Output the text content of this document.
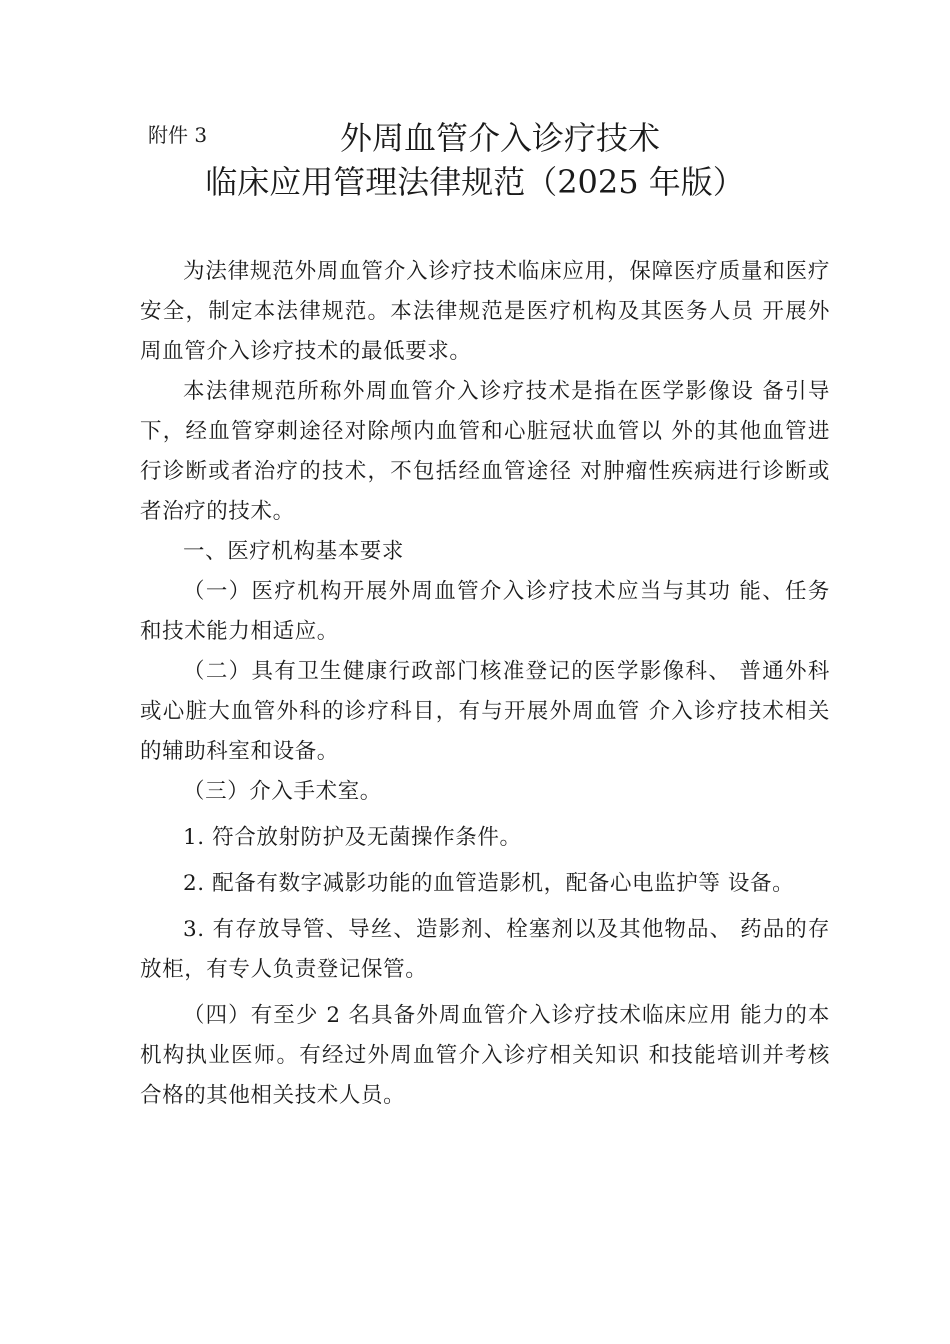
附件 3	外周血管介入诊疗技术
临床应用管理法律规范（2025 年版）

为法律规范外周血管介入诊疗技术临床应用，保障医疗质量和医疗安全，制定本法律规范。本法律规范是医疗机构及其医务人员 开展外周血管介入诊疗技术的最低要求。

本法律规范所称外周血管介入诊疗技术是指在医学影像设 备引导下，经血管穿刺途径对除颅内血管和心脏冠状血管以 外的其他血管进行诊断或者治疗的技术，不包括经血管途径 对肿瘤性疾病进行诊断或者治疗的技术。

一、医疗机构基本要求

（一）医疗机构开展外周血管介入诊疗技术应当与其功 能、任务和技术能力相适应。

（二）具有卫生健康行政部门核准登记的医学影像科、 普通外科或心脏大血管外科的诊疗科目，有与开展外周血管 介入诊疗技术相关的辅助科室和设备。

（三）介入手术室。

1. 符合放射防护及无菌操作条件。

2. 配备有数字减影功能的血管造影机，配备心电监护等 设备。

3. 有存放导管、导丝、造影剂、栓塞剂以及其他物品、 药品的存放柜，有专人负责登记保管。

（四）有至少 2 名具备外周血管介入诊疗技术临床应用 能力的本机构执业医师。有经过外周血管介入诊疗相关知识 和技能培训并考核合格的其他相关技术人员。
